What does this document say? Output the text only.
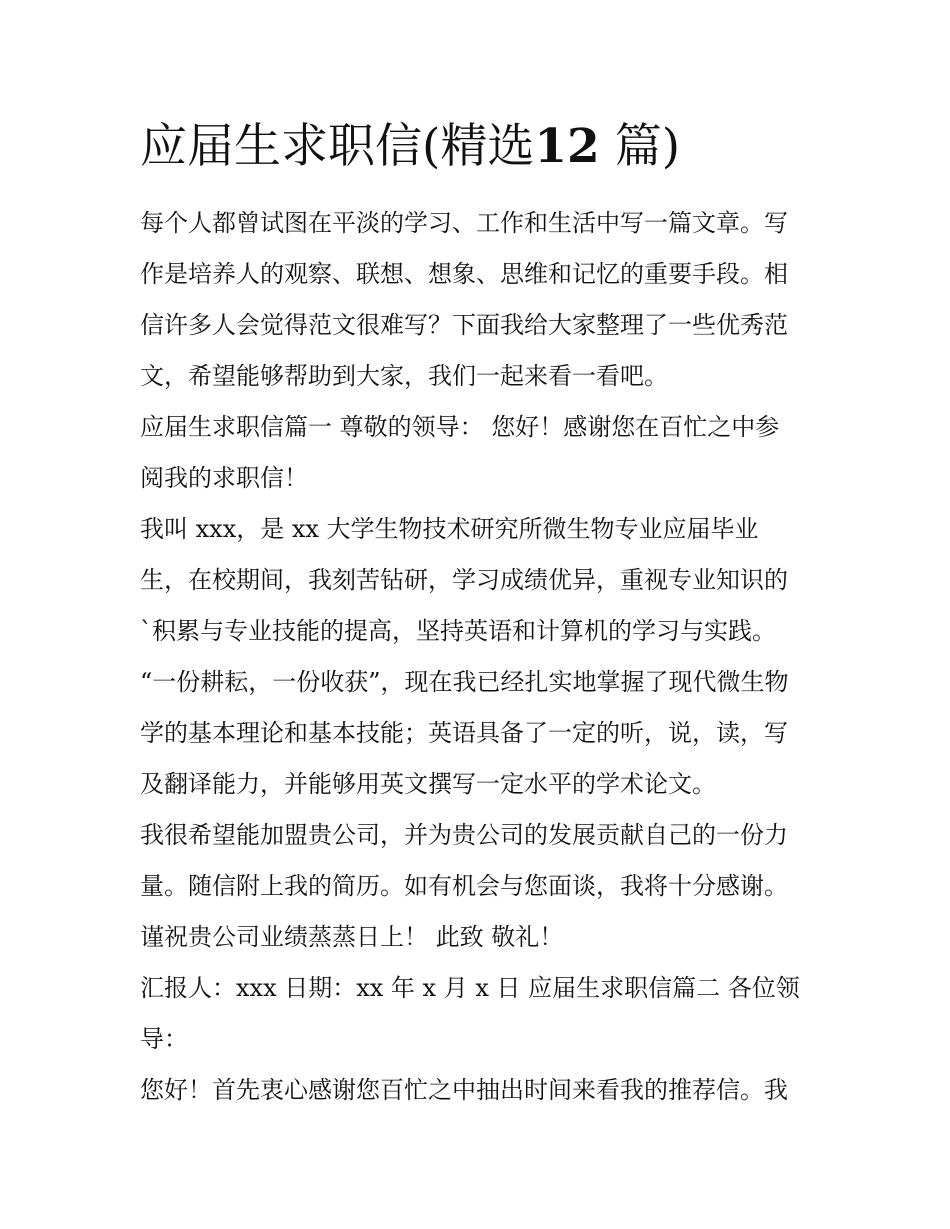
应届生求职信(精选12 篇)
每个人都曾试图在平淡的学习、工作和生活中写一篇文章。写
作是培养人的观察、联想、想象、思维和记忆的重要手段。相
信许多人会觉得范文很难写？下面我给大家整理了一些优秀范
文，希望能够帮助到大家，我们一起来看一看吧。
应届生求职信篇一 尊敬的领导： 您好！感谢您在百忙之中参
阅我的求职信！
我叫 xxx，是 xx 大学生物技术研究所微生物专业应届毕业
生，在校期间，我刻苦钻研，学习成绩优异，重视专业知识的
`积累与专业技能的提高，坚持英语和计算机的学习与实践。
“一份耕耘，一份收获”，现在我已经扎实地掌握了现代微生物
学的基本理论和基本技能；英语具备了一定的听，说，读，写
及翻译能力，并能够用英文撰写一定水平的学术论文。
我很希望能加盟贵公司，并为贵公司的发展贡献自己的一份力
量。随信附上我的简历。如有机会与您面谈，我将十分感谢。
谨祝贵公司业绩蒸蒸日上！ 此致 敬礼！
汇报人：xxx 日期：xx 年 x 月 x 日 应届生求职信篇二 各位领
导：
您好！首先衷心感谢您百忙之中抽出时间来看我的推荐信。我
